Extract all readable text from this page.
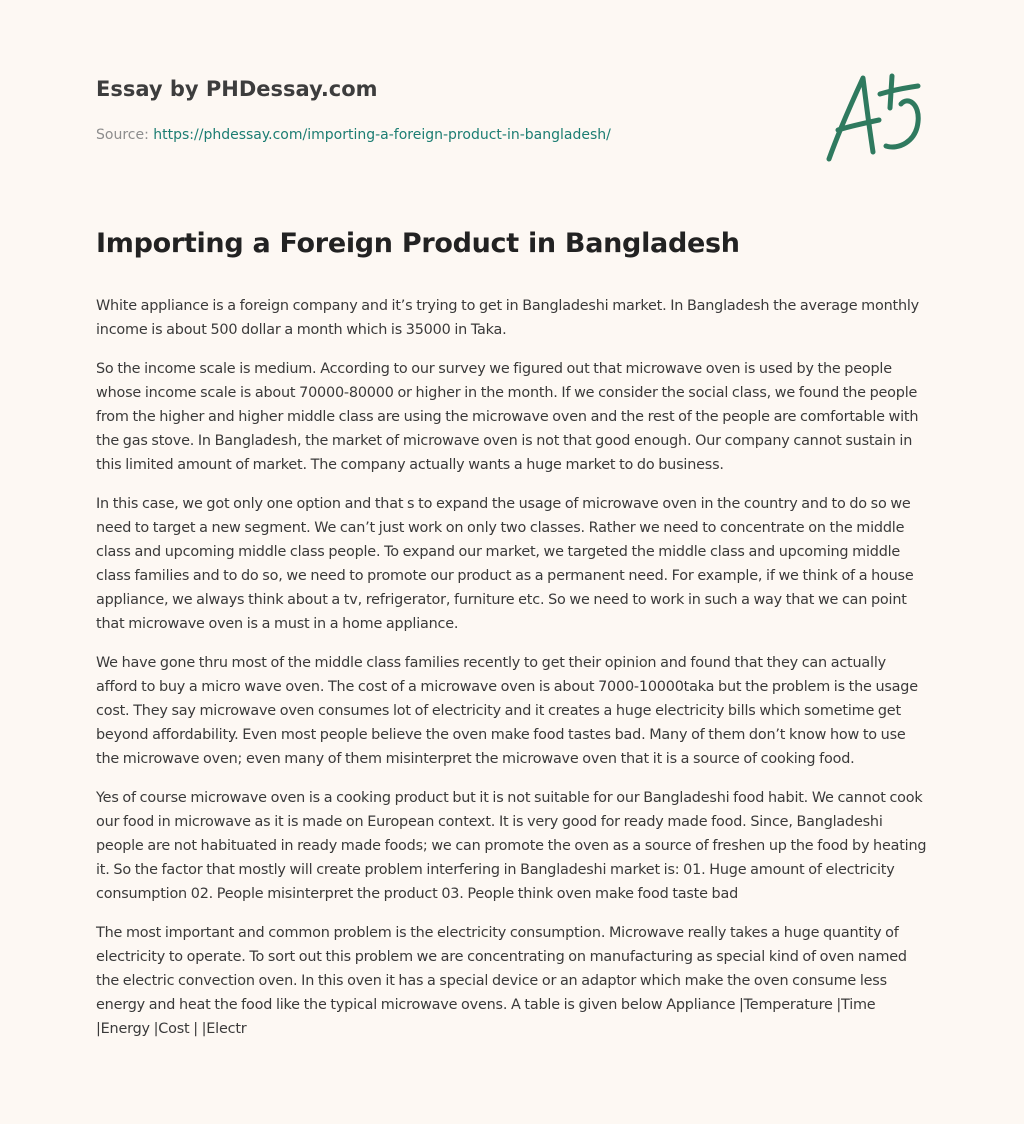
Essay by PHDessay.com
Source: https://phdessay.com/importing-a-foreign-product-in-bangladesh/
Importing a Foreign Product in Bangladesh

White appliance is a foreign company and it’s trying to get in Bangladeshi market. In Bangladesh the average monthly income is about 500 dollar a month which is 35000 in Taka.

So the income scale is medium. According to our survey we figured out that microwave oven is used by the people whose income scale is about 70000-80000 or higher in the month. If we consider the social class, we found the people from the higher and higher middle class are using the microwave oven and the rest of the people are comfortable with the gas stove. In Bangladesh, the market of microwave oven is not that good enough. Our company cannot sustain in this limited amount of market. The company actually wants a huge market to do business.

In this case, we got only one option and that s to expand the usage of microwave oven in the country and to do so we need to target a new segment. We can’t just work on only two classes. Rather we need to concentrate on the middle class and upcoming middle class people. To expand our market, we targeted the middle class and upcoming middle class families and to do so, we need to promote our product as a permanent need. For example, if we think of a house appliance, we always think about a tv, refrigerator, furniture etc. So we need to work in such a way that we can point that microwave oven is a must in a home appliance.

We have gone thru most of the middle class families recently to get their opinion and found that they can actually afford to buy a micro wave oven. The cost of a microwave oven is about 7000-10000taka but the problem is the usage cost. They say microwave oven consumes lot of electricity and it creates a huge electricity bills which sometime get beyond affordability. Even most people believe the oven make food tastes bad. Many of them don’t know how to use the microwave oven; even many of them misinterpret the microwave oven that it is a source of cooking food.

Yes of course microwave oven is a cooking product but it is not suitable for our Bangladeshi food habit. We cannot cook our food in microwave as it is made on European context. It is very good for ready made food. Since, Bangladeshi people are not habituated in ready made foods; we can promote the oven as a source of freshen up the food by heating it. So the factor that mostly will create problem interfering in Bangladeshi market is: 01. Huge amount of electricity consumption 02. People misinterpret the product 03. People think oven make food taste bad

The most important and common problem is the electricity consumption. Microwave really takes a huge quantity of electricity to operate. To sort out this problem we are concentrating on manufacturing as special kind of oven named the electric convection oven. In this oven it has a special device or an adaptor which make the oven consume less energy and heat the food like the typical microwave ovens. A table is given below Appliance |Temperature |Time |Energy |Cost | |Electr
